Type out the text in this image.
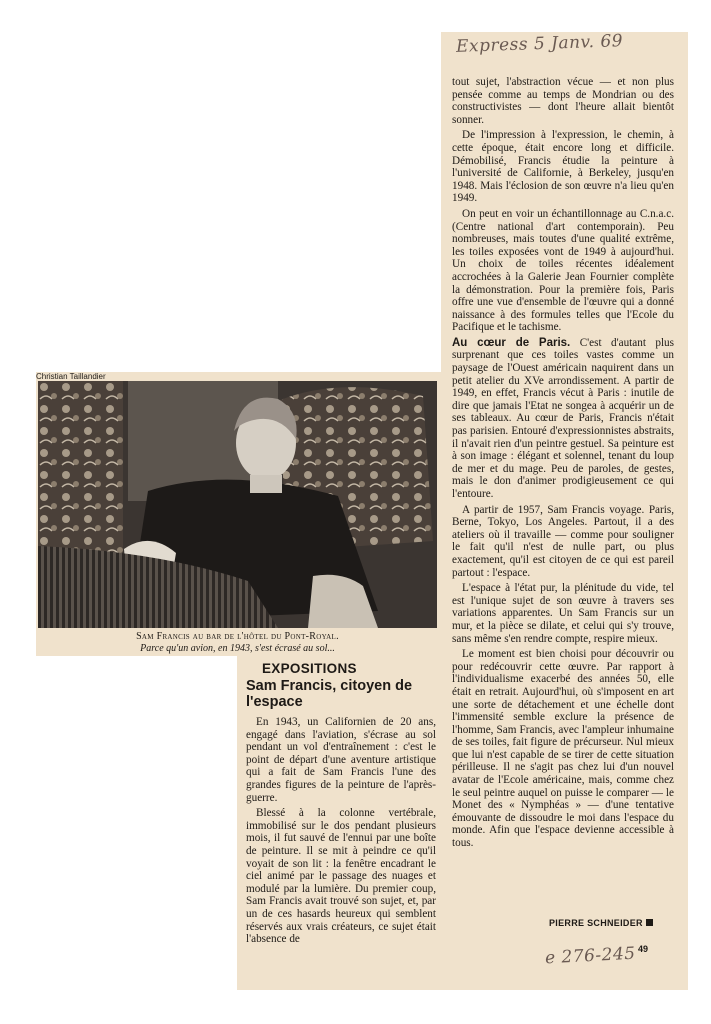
Express 5 Janv. 69

tout sujet, l'abstraction vécue — et non plus pensée comme au temps de Mondrian ou des constructivistes — dont l'heure allait bientôt sonner.

De l'impression à l'expression, le chemin, à cette époque, était encore long et difficile. Démobilisé, Francis étudie la peinture à l'université de Californie, à Berkeley, jusqu'en 1948. Mais l'éclosion de son œuvre n'a lieu qu'en 1949.

On peut en voir un échantillonnage au C.n.a.c. (Centre national d'art contemporain). Peu nombreuses, mais toutes d'une qualité extrême, les toiles exposées vont de 1949 à aujourd'hui. Un choix de toiles récentes idéalement accrochées à la Galerie Jean Fournier complète la démonstration. Pour la première fois, Paris offre une vue d'ensemble de l'œuvre qui a donné naissance à des formules telles que l'Ecole du Pacifique et le tachisme.

Au cœur de Paris. C'est d'autant plus surprenant que ces toiles vastes comme un paysage de l'Ouest américain naquirent dans un petit atelier du XVe arrondissement. A partir de 1949, en effet, Francis vécut à Paris : inutile de dire que jamais l'Etat ne songea à acquérir un de ses tableaux. Au cœur de Paris, Francis n'était pas parisien. Entouré d'expressionnistes abstraits, il n'avait rien d'un peintre gestuel. Sa peinture est à son image : élégant et solennel, tenant du loup de mer et du mage. Peu de paroles, de gestes, mais le don d'animer prodigieusement ce qui l'entoure.

A partir de 1957, Sam Francis voyage. Paris, Berne, Tokyo, Los Angeles. Partout, il a des ateliers où il travaille — comme pour souligner le fait qu'il n'est de nulle part, ou plus exactement, qu'il est citoyen de ce qui est pareil partout : l'espace.

L'espace à l'état pur, la plénitude du vide, tel est l'unique sujet de son œuvre à travers ses variations apparentes. Un Sam Francis sur un mur, et la pièce se dilate, et celui qui s'y trouve, sans même s'en rendre compte, respire mieux.

Le moment est bien choisi pour découvrir ou pour redécouvrir cette œuvre. Par rapport à l'individualisme exacerbé des années 50, elle était en retrait. Aujourd'hui, où s'imposent en art une sorte de détachement et une échelle dont l'immensité semble exclure la présence de l'homme, Sam Francis, avec l'ampleur inhumaine de ses toiles, fait figure de précurseur. Nul mieux que lui n'est capable de se tirer de cette situation périlleuse. Il ne s'agit pas chez lui d'un nouvel avatar de l'Ecole américaine, mais, comme chez le seul peintre auquel on puisse le comparer — le Monet des « Nymphéas » — d'une tentative émouvante de dissoudre le moi dans l'espace du monde. Afin que l'espace devienne accessible à tous.

Christian Taillandier
Sam Francis au bar de l'hôtel du Pont-Royal.
Parce qu'un avion, en 1943, s'est écrasé au sol...
EXPOSITIONS
Sam Francis, citoyen de l'espace

En 1943, un Californien de 20 ans, engagé dans l'aviation, s'écrase au sol pendant un vol d'entraînement : c'est le point de départ d'une aventure artistique qui a fait de Sam Francis l'une des grandes figures de la peinture de l'après-guerre.

Blessé à la colonne vertébrale, immobilisé sur le dos pendant plusieurs mois, il fut sauvé de l'ennui par une boîte de peinture. Il se mit à peindre ce qu'il voyait de son lit : la fenêtre encadrant le ciel animé par le passage des nuages et modulé par la lumière. Du premier coup, Sam Francis avait trouvé son sujet, et, par un de ces hasards heureux qui semblent réservés aux vrais créateurs, ce sujet était l'absence de

PIERRE SCHNEIDER
49
e 276-245
